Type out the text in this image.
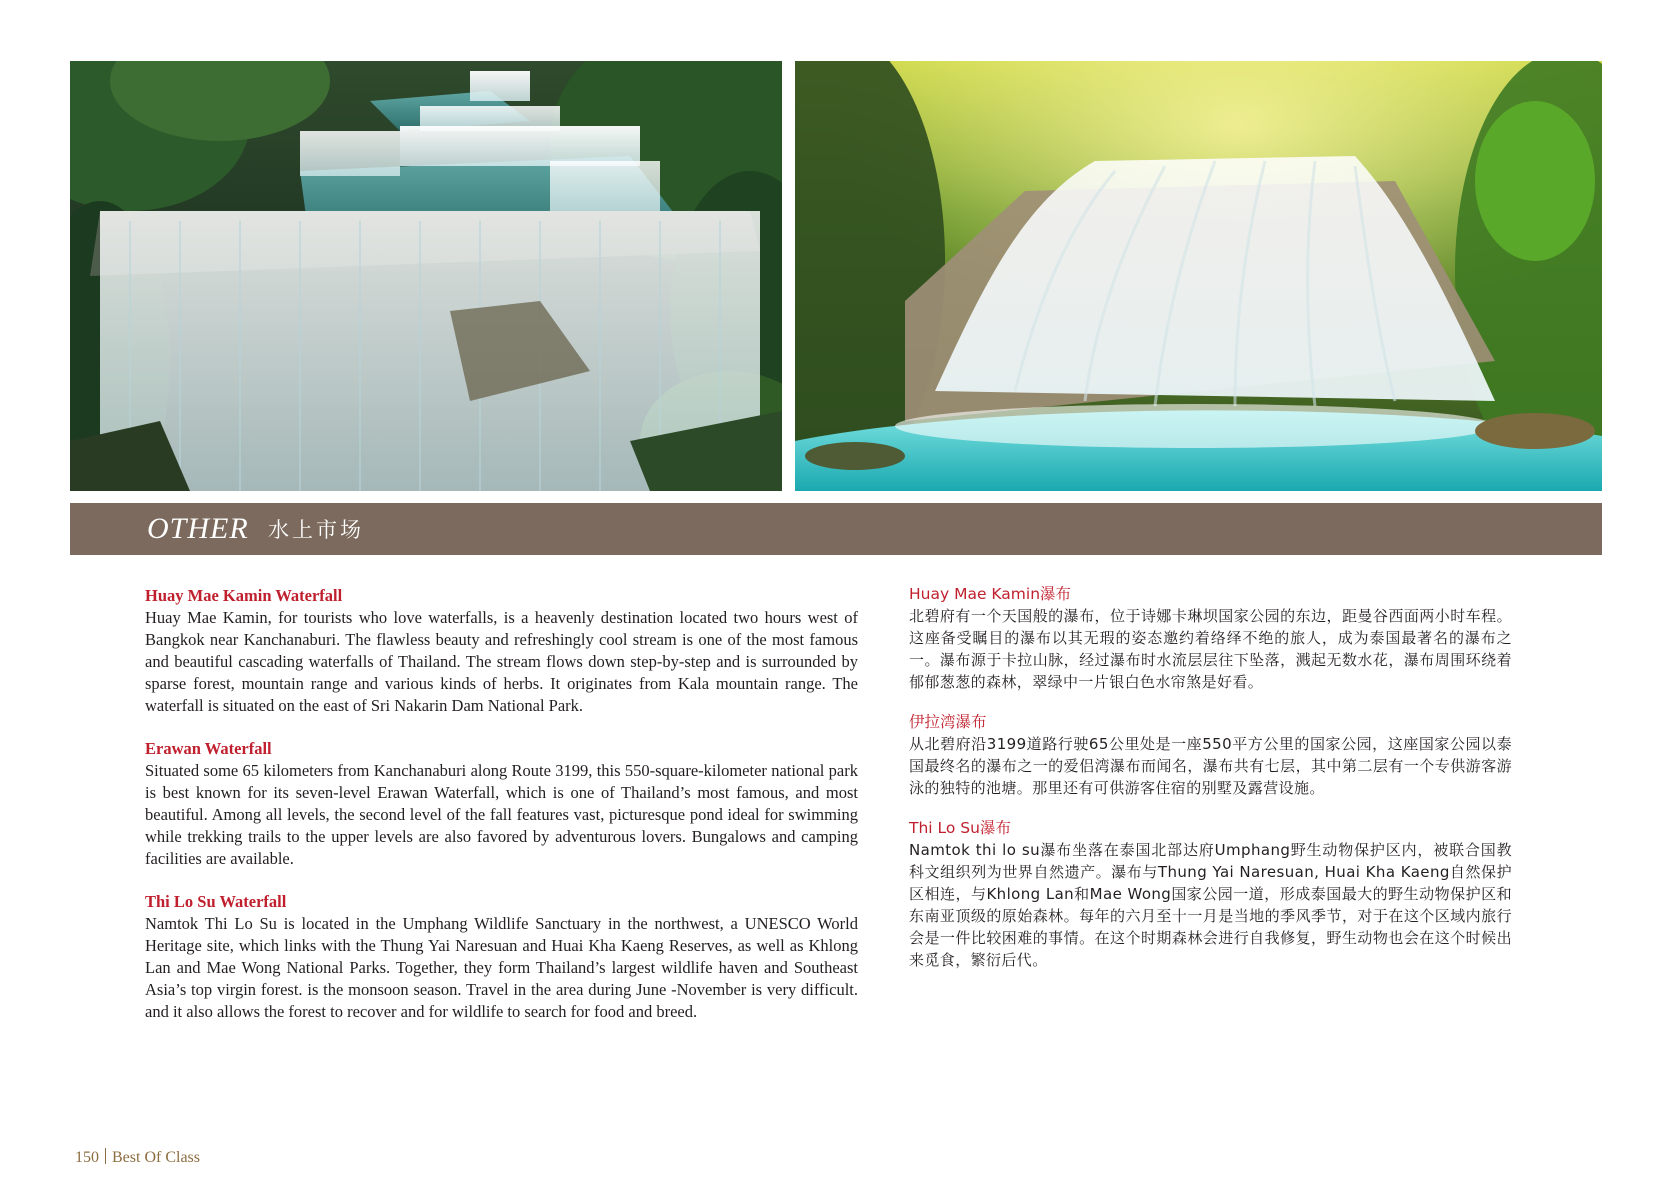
OTHER 水上市场
Huay Mae Kamin Waterfall

Huay Mae Kamin, for tourists who love waterfalls, is a heavenly destination located two hours west of Bangkok near Kanchanaburi. The flawless beauty and refreshingly cool stream is one of the most famous and beautiful cascading waterfalls of Thailand. The stream flows down step-by-step and is surrounded by sparse forest, mountain range and various kinds of herbs. It originates from Kala mountain range. The waterfall is situated on the east of Sri Nakarin Dam National Park.

Erawan Waterfall

Situated some 65 kilometers from Kanchanaburi along Route 3199, this 550-square-kilometer national park is best known for its seven-level Erawan Waterfall, which is one of Thailand’s most famous, and most beautiful. Among all levels, the second level of the fall features vast, picturesque pond ideal for swimming while trekking trails to the upper levels are also favored by adventurous lovers. Bungalows and camping facilities are available.

Thi Lo Su Waterfall

Namtok Thi Lo Su is located in the Umphang Wildlife Sanctuary in the northwest, a UNESCO World Heritage site, which links with the Thung Yai Naresuan and Huai Kha Kaeng Reserves, as well as Khlong Lan and Mae Wong National Parks. Together, they form Thailand’s largest wildlife haven and Southeast Asia’s top virgin forest. is the monsoon season. Travel in the area during June -November is very difficult. and it also allows the forest to recover and for wildlife to search for food and breed.

Huay Mae Kamin瀑布

北碧府有一个天国般的瀑布，位于诗娜卡琳坝国家公园的东边，距曼谷西面两小时车程。这座备受瞩目的瀑布以其无瑕的姿态邀约着络绎不绝的旅人，成为泰国最著名的瀑布之一。瀑布源于卡拉山脉，经过瀑布时水流层层往下坠落，溅起无数水花，瀑布周围环绕着郁郁葱葱的森林，翠绿中一片银白色水帘煞是好看。

伊拉湾瀑布

从北碧府沿3199道路行驶65公里处是一座550平方公里的国家公园，这座国家公园以泰国最终名的瀑布之一的爱侣湾瀑布而闻名，瀑布共有七层，其中第二层有一个专供游客游泳的独特的池塘。那里还有可供游客住宿的别墅及露营设施。

Thi Lo Su瀑布

Namtok thi lo su瀑布坐落在泰国北部达府Umphang野生动物保护区内，被联合国教科文组织列为世界自然遗产。瀑布与Thung Yai Naresuan, Huai Kha Kaeng自然保护区相连，与Khlong Lan和Mae Wong国家公园一道，形成泰国最大的野生动物保护区和东南亚顶级的原始森林。每年的六月至十一月是当地的季风季节，对于在这个区域内旅行会是一件比较困难的事情。在这个时期森林会进行自我修复，野生动物也会在这个时候出来觅食，繁衍后代。

150 Best Of Class
